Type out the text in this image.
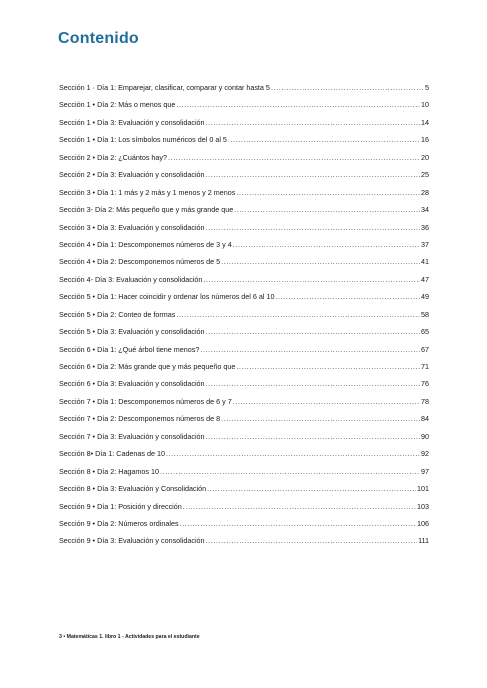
Contenido
Sección 1 · Día 1: Emparejar, clasificar, comparar y contar hasta 5 .....	5
Sección 1 • Día 2: Más o menos que .....	10
Sección 1 • Día 3: Evaluación y consolidación .....	14
Sección 1 • Día 1: Los símbolos numéricos del 0 al 5 .....	16
Sección 2 • Día 2: ¿Cuántos hay? .....	20
Sección 2 • Día 3: Evaluación y consolidación .....	25
Sección 3 • Día 1: 1 más y 2 más y 1 menos y 2 menos .....	28
Sección 3- Día 2: Más pequeño que y más grande que .....	34
Sección 3 • Día 3: Evaluación y consolidación .....	36
Sección 4 • Día 1: Descomponemos números de 3 y 4 .....	37
Sección 4 • Día 2: Descomponemos números de 5 .....	41
Sección 4- Día 3: Evaluación y consolidación .....	47
Sección 5 • Día 1: Hacer coincidir y ordenar los números del 6 al 10 .....	49
Sección 5 • Día 2: Conteo de formas .....	58
Sección 5 • Día 3: Evaluación y consolidación .....	65
Sección 6 • Día 1: ¿Qué árbol tiene menos? .....	67
Sección 6 • Día 2: Más grande que y más pequeño que .....	71
Sección 6 • Día 3: Evaluación y consolidación .....	76
Sección 7 • Día 1: Descomponemos números de 6 y 7 .....	78
Sección 7 • Día 2: Descomponemos números de 8 .....	84
Sección 7 • Día 3: Evaluación y consolidación .....	90
Sección 8• Día 1: Cadenas de 10 .....	92
Sección 8 • Día 2: Hagamos 10 .....	97
Sección 8 • Día 3: Evaluación y Consolidación .....	101
Sección 9 • Día 1: Posición y dirección .....	103
Sección 9 • Día 2: Números ordinales .....	106
Sección 9 • Día 3: Evaluación y consolidación .....	111
3 • Matemáticas 1. libro 1 - Actividades para el estudiante
